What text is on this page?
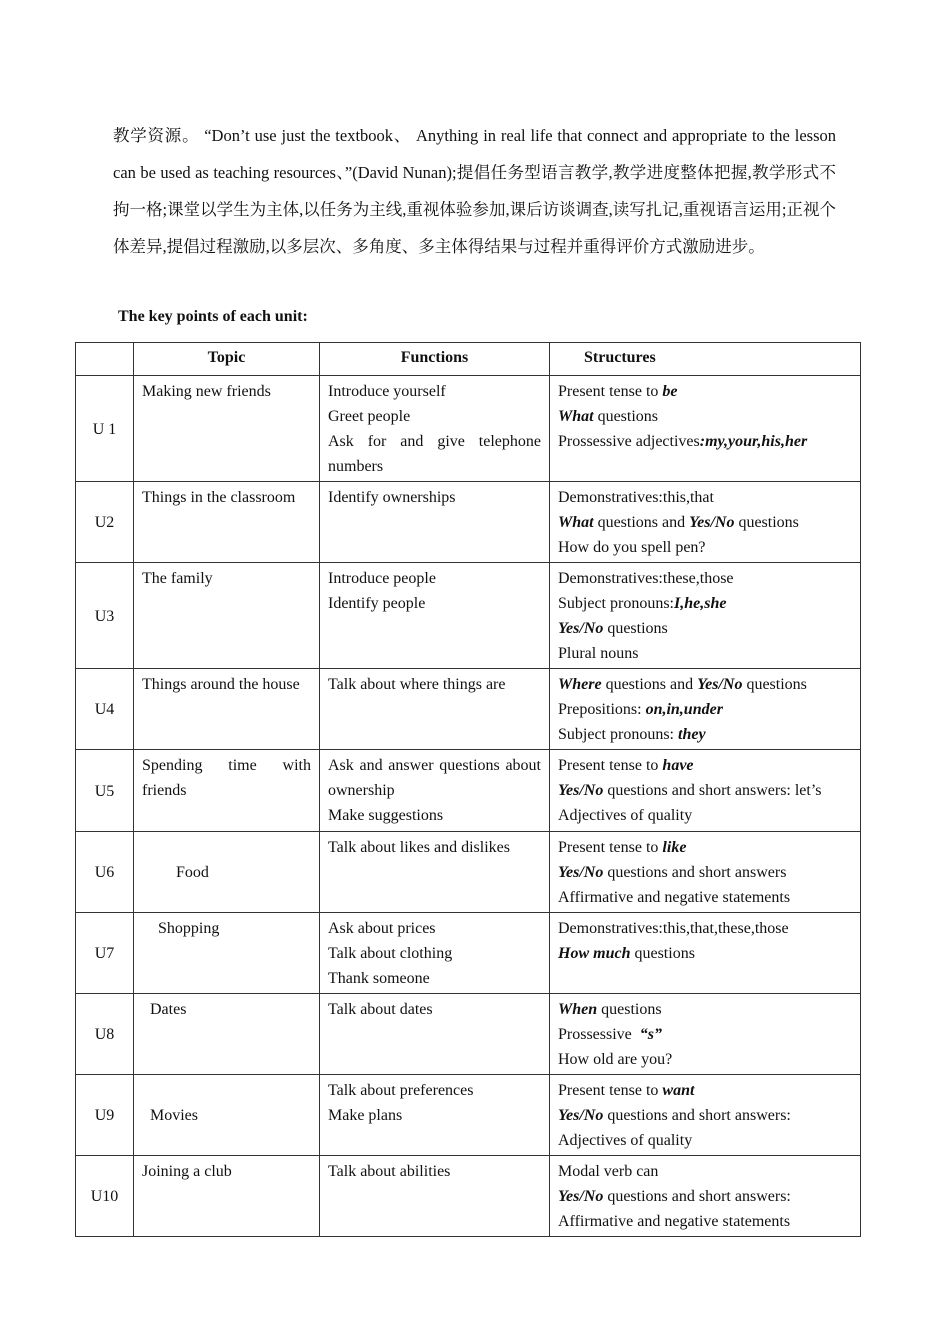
教学资源。 “Don’t use just the textbook、 Anything in real life that connect and appropriate to the lesson can be used as teaching resources、”(David Nunan);提倡任务型语言教学,教学进度整体把握,教学形式不拘一格;课堂以学生为主体,以任务为主线,重视体验参加,课后访谈调查,读写扎记,重视语言运用;正视个体差异,提倡过程激励,以多层次、多角度、多主体得结果与过程并重得评价方式激励进步。

The key points of each unit:
	Topic	Functions	Structures
U 1	Making new friends	Introduce yourself
Greet people
Ask for and give telephone numbers	Present tense to be
What questions
Prossessive adjectives:my,your,his,her

U2	Things in the classroom	Identify ownerships	Demonstratives:this,that
What questions and Yes/No questions
How do you spell pen?

U3	The family	Introduce people
Identify people	Demonstratives:these,those
Subject pronouns:I,he,she
Yes/No questions
Plural nouns

U4	Things around the house	Talk about where things are	Where questions and Yes/No questions
Prepositions: on,in,under
Subject pronouns: they

U5	Spending time with friends	Ask and answer questions about ownership
Make suggestions	Present tense to have
Yes/No questions and short answers: let’s
Adjectives of quality

U6	Food	Talk about likes and dislikes	Present tense to like
Yes/No questions and short answers
Affirmative and negative statements

U7	Shopping	Ask about prices
Talk about clothing
Thank someone	Demonstratives:this,that,these,those
How much questions

U8	Dates	Talk about dates	When questions
Prossessive  “s”
How old are you?

U9	Movies	Talk about preferences
Make plans	Present tense to want
Yes/No questions and short answers:
Adjectives of quality

U10	Joining a club	Talk about abilities	Modal verb can
Yes/No questions and short answers:
Affirmative and negative statements
